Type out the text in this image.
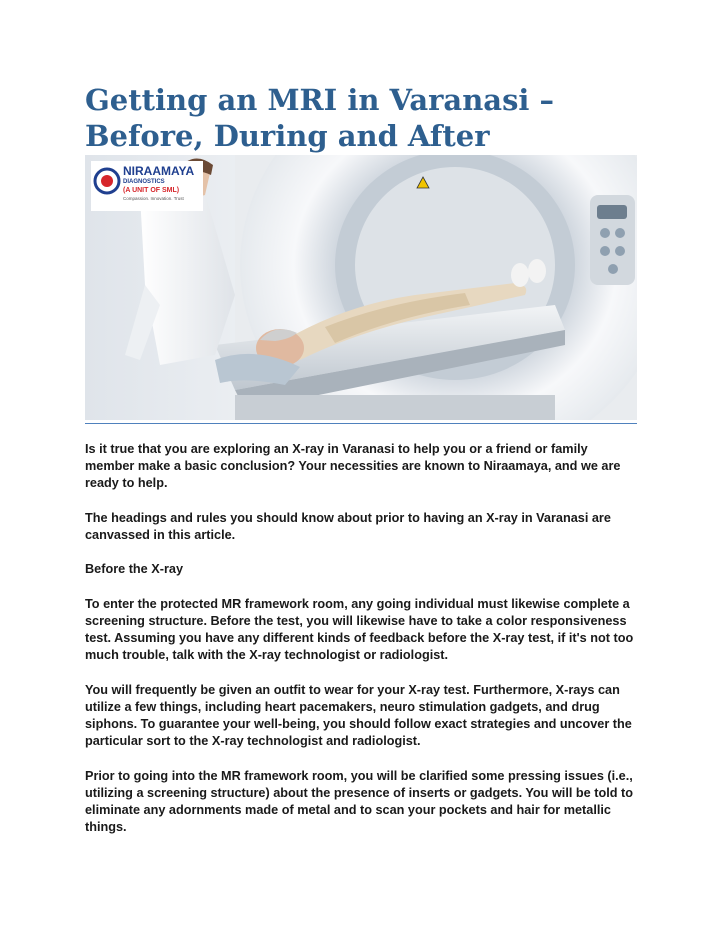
Getting an MRI in Varanasi – Before, During and After
NIRAAMAYA
DIAGNOSTICS
(A UNIT OF SML)
Compassion. Innovation. Trust

Is it true that you are exploring an X-ray in Varanasi to help you or a friend or family member make a basic conclusion? Your necessities are known to Niraamaya, and we are ready to help.

The headings and rules you should know about prior to having an X-ray in Varanasi are canvassed in this article.

Before the X-ray

To enter the protected MR framework room, any going individual must likewise complete a screening structure. Before the test, you will likewise have to take a color responsiveness test. Assuming you have any different kinds of feedback before the X-ray test, if it's not too much trouble, talk with the X-ray technologist or radiologist.

You will frequently be given an outfit to wear for your X-ray test. Furthermore, X-rays can utilize a few things, including heart pacemakers, neuro stimulation gadgets, and drug siphons. To guarantee your well-being, you should follow exact strategies and uncover the particular sort to the X-ray technologist and radiologist.

Prior to going into the MR framework room, you will be clarified some pressing issues (i.e., utilizing a screening structure) about the presence of inserts or gadgets. You will be told to eliminate any adornments made of metal and to scan your pockets and hair for metallic things.
